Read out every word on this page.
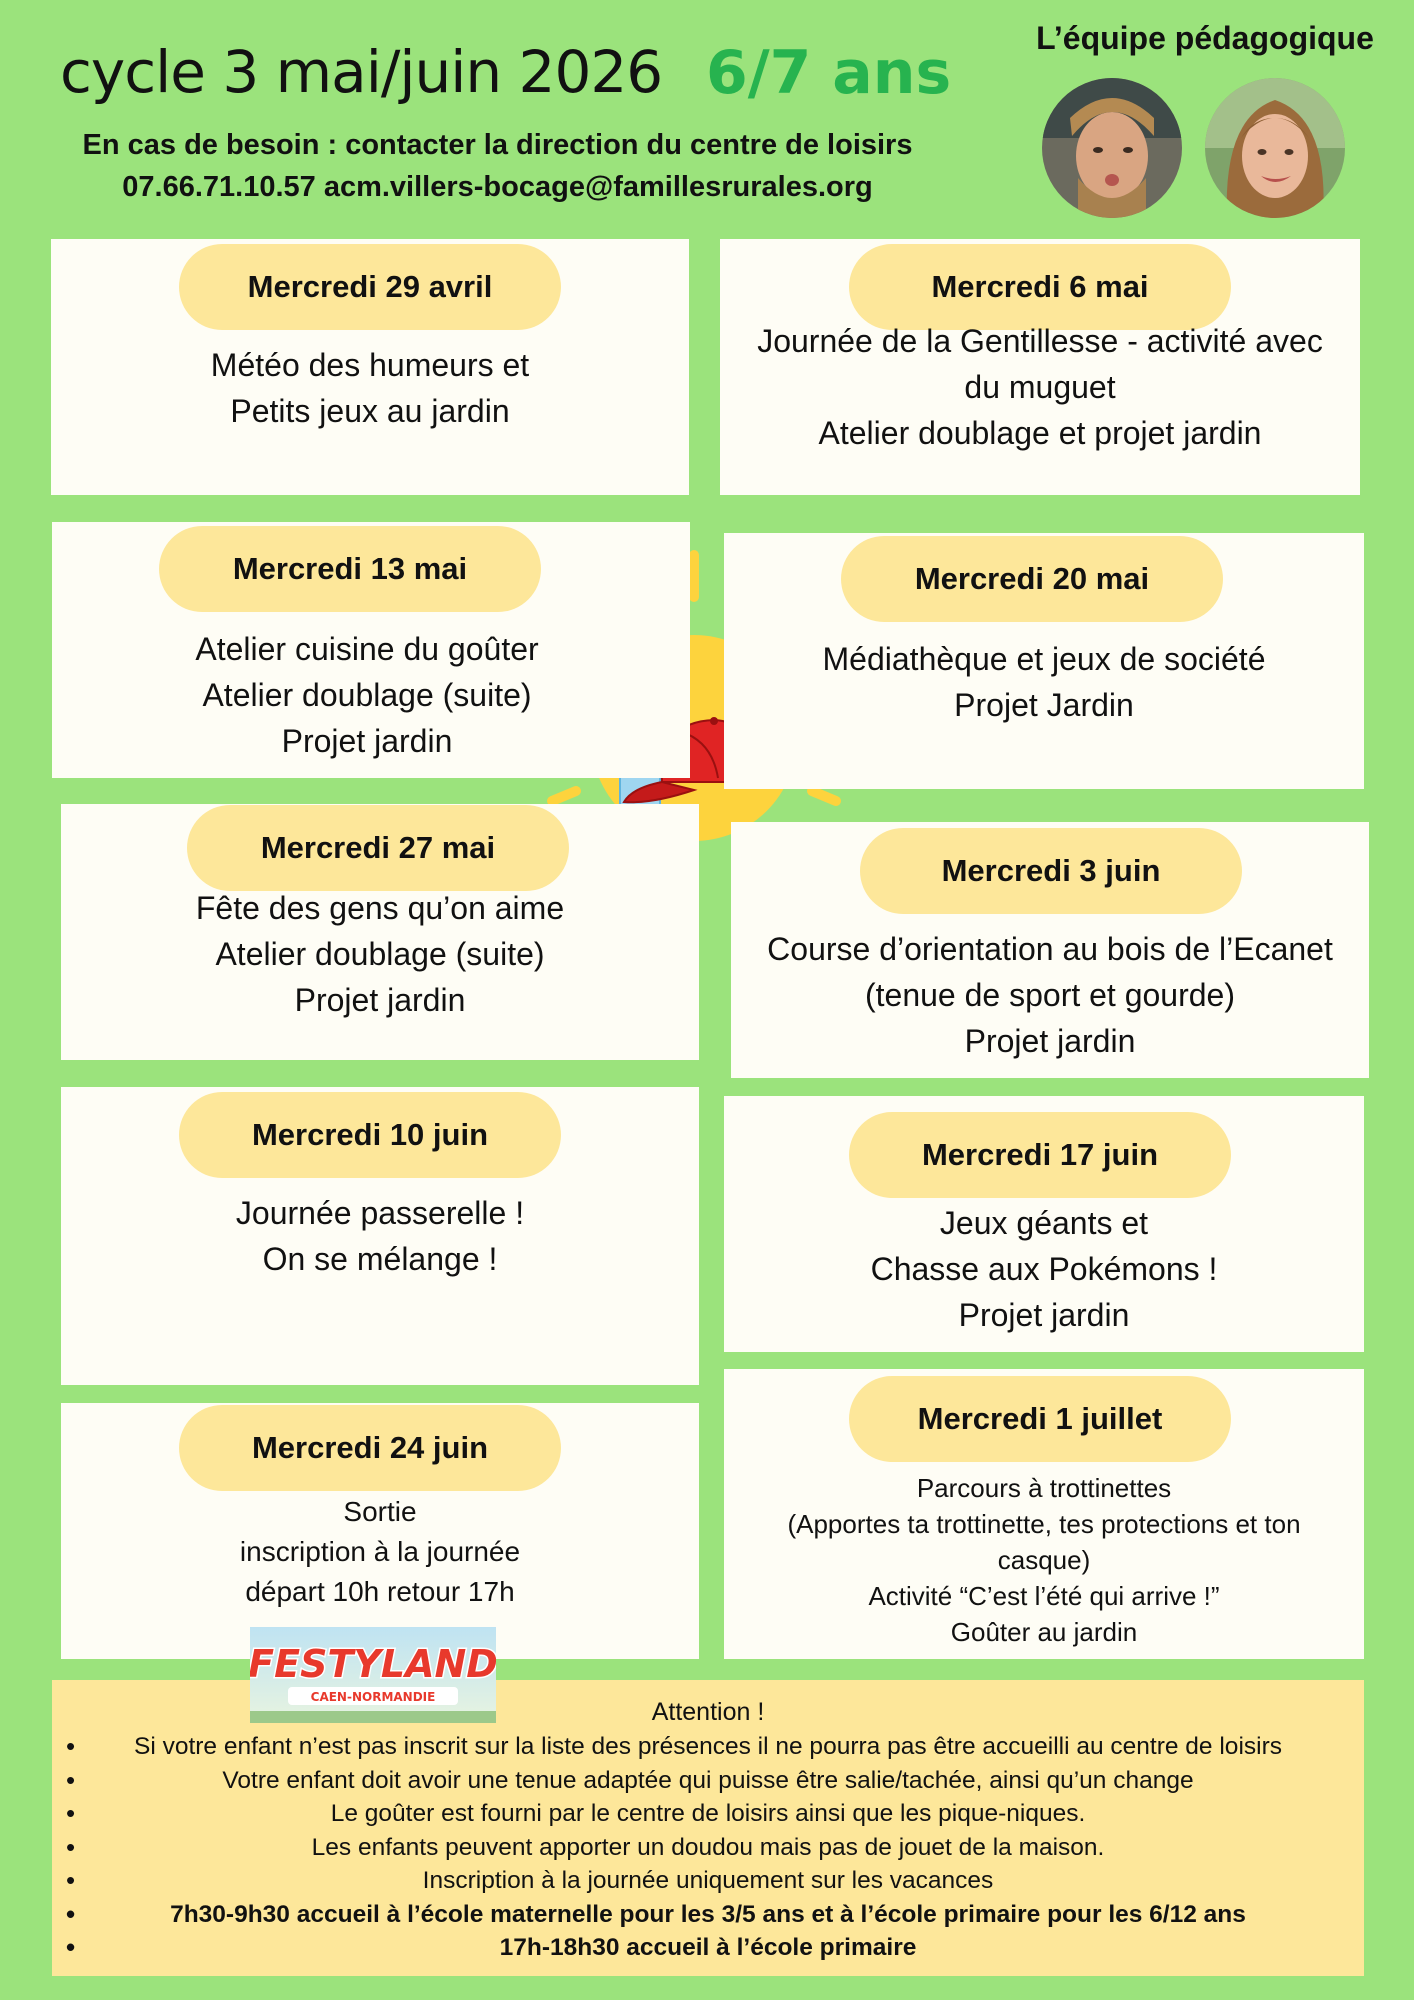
cycle 3 mai/juin 2026 6/7 ans
En cas de besoin : contacter la direction du centre de loisirs
07.66.71.10.57 acm.villers-bocage@famillesrurales.org
L’équipe pédagogique
Mercredi 29 avril
Météo des humeurs et
Petits jeux au jardin
Mercredi 6 mai
Journée de la Gentillesse - activité avec
du muguet
Atelier doublage et projet jardin
Mercredi 13 mai
Atelier cuisine du goûter
Atelier doublage (suite)
Projet jardin
Mercredi 20 mai
Médiathèque et jeux de société
Projet Jardin
Mercredi 27 mai
Fête des gens qu’on aime
Atelier doublage (suite)
Projet jardin
Mercredi 3 juin
Course d’orientation au bois de l’Ecanet
(tenue de sport et gourde)
Projet jardin
Mercredi 10 juin
Journée passerelle !
On se mélange !
Mercredi 17 juin
Jeux géants et
Chasse aux Pokémons !
Projet jardin
Mercredi 24 juin
Sortie
inscription à la journée
départ 10h retour 17h
Mercredi 1 juillet
Parcours à trottinettes
(Apportes ta trottinette, tes protections et ton
casque)
Activité “C’est l’été qui arrive !”
Goûter au jardin
Attention !
• Si votre enfant n’est pas inscrit sur la liste des présences il ne pourra pas être accueilli au centre de loisirs
• Votre enfant doit avoir une tenue adaptée qui puisse être salie/tachée, ainsi qu’un change
• Le goûter est fourni par le centre de loisirs ainsi que les pique-niques.
• Les enfants peuvent apporter un doudou mais pas de jouet de la maison.
• Inscription à la journée uniquement sur les vacances
• 7h30-9h30 accueil à l’école maternelle pour les 3/5 ans et à l’école primaire pour les 6/12 ans
• 17h-18h30 accueil à l’école primaire
FESTYLAND
CAEN-NORMANDIE
